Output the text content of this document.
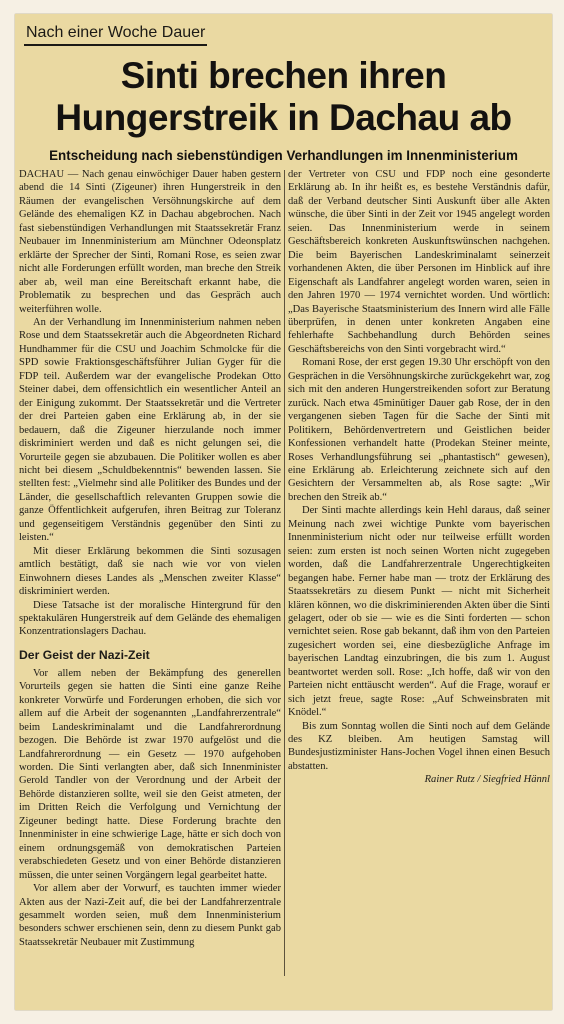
Nach einer Woche Dauer
Sinti brechen ihren
Hungerstreik in Dachau ab
Entscheidung nach siebenstündigen Verhandlungen im Innenministerium

DACHAU — Nach genau einwöchiger Dauer haben gestern abend die 14 Sinti (Zigeuner) ihren Hungerstreik in den Räumen der evangelischen Versöhnungskirche auf dem Gelände des ehemaligen KZ in Dachau abgebrochen. Nach fast siebenstündigen Verhandlungen mit Staatssekretär Franz Neubauer im Innenministerium am Münchner Odeonsplatz erklärte der Sprecher der Sinti, Romani Rose, es seien zwar nicht alle Forderungen erfüllt worden, man breche den Streik aber ab, weil man eine Bereitschaft erkannt habe, die Problematik zu besprechen und das Gespräch auch weiterführen wolle.

An der Verhandlung im Innenministerium nahmen neben Rose und dem Staatssekretär auch die Abgeordneten Richard Hundhammer für die CSU und Joachim Schmolcke für die SPD sowie Fraktionsgeschäftsführer Julian Gyger für die FDP teil. Außerdem war der evangelische Prodekan Otto Steiner dabei, dem offensichtlich ein wesentlicher Anteil an der Einigung zukommt. Der Staatssekretär und die Vertreter der drei Parteien gaben eine Erklärung ab, in der sie bedauern, daß die Zigeuner hierzulande noch immer diskriminiert werden und daß es nicht gelungen sei, die Vorurteile gegen sie abzubauen. Die Politiker wollen es aber nicht bei diesem „Schuldbekenntnis“ bewenden lassen. Sie stellten fest: „Vielmehr sind alle Politiker des Bundes und der Länder, die gesellschaftlich relevanten Gruppen sowie die ganze Öffentlichkeit aufgerufen, ihren Beitrag zur Toleranz und gegenseitigem Verständnis gegenüber den Sinti zu leisten.“

Mit dieser Erklärung bekommen die Sinti sozusagen amtlich bestätigt, daß sie nach wie vor von vielen Einwohnern dieses Landes als „Menschen zweiter Klasse“ diskriminiert werden.

Diese Tatsache ist der moralische Hintergrund für den spektakulären Hungerstreik auf dem Gelände des ehemaligen Konzentrationslagers Dachau.

Der Geist der Nazi-Zeit

Vor allem neben der Bekämpfung des generellen Vorurteils gegen sie hatten die Sinti eine ganze Reihe konkreter Vorwürfe und Forderungen erhoben, die sich vor allem auf die Arbeit der sogenannten „Landfahrerzentrale“ beim Landeskriminalamt und die Landfahrerordnung bezogen. Die Behörde ist zwar 1970 aufgelöst und die Landfahrerordnung — ein Gesetz — 1970 aufgehoben worden. Die Sinti verlangten aber, daß sich Innenminister Gerold Tandler von der Verordnung und der Arbeit der Behörde distanzieren sollte, weil sie den Geist atmeten, der im Dritten Reich die Verfolgung und Vernichtung der Zigeuner bedingt hatte. Diese Forderung brachte den Innenminister in eine schwierige Lage, hätte er sich doch von einem ordnungsgemäß von demokratischen Parteien verabschiedeten Gesetz und von einer Behörde distanzieren müssen, die unter seinen Vorgängern legal gearbeitet hatte.

Vor allem aber der Vorwurf, es tauchten immer wieder Akten aus der Nazi-Zeit auf, die bei der Landfahrerzentrale gesammelt worden seien, muß dem Innenministerium besonders schwer erschienen sein, denn zu diesem Punkt gab Staatssekretär Neubauer mit Zustimmung

der Vertreter von CSU und FDP noch eine gesonderte Erklärung ab. In ihr heißt es, es bestehe Verständnis dafür, daß der Verband deutscher Sinti Auskunft über alle Akten wünsche, die über Sinti in der Zeit vor 1945 angelegt worden seien. Das Innenministerium werde in seinem Geschäftsbereich konkreten Auskunftswünschen nachgehen. Die beim Bayerischen Landeskriminalamt seinerzeit vorhandenen Akten, die über Personen im Hinblick auf ihre Eigenschaft als Landfahrer angelegt worden waren, seien in den Jahren 1970 — 1974 vernichtet worden. Und wörtlich: „Das Bayerische Staatsministerium des Innern wird alle Fälle überprüfen, in denen unter konkreten Angaben eine fehlerhafte Sachbehandlung durch Behörden seines Geschäftsbereichs von den Sinti vorgebracht wird.“

Romani Rose, der erst gegen 19.30 Uhr erschöpft von den Gesprächen in die Versöhnungskirche zurückgekehrt war, zog sich mit den anderen Hungerstreikenden sofort zur Beratung zurück. Nach etwa 45minütiger Dauer gab Rose, der in den vergangenen sieben Tagen für die Sache der Sinti mit Politikern, Behördenvertretern und Geistlichen beider Konfessionen verhandelt hatte (Prodekan Steiner meinte, Roses Verhandlungsführung sei „phantastisch“ gewesen), eine Erklärung ab. Erleichterung zeichnete sich auf den Gesichtern der Versammelten ab, als Rose sagte: „Wir brechen den Streik ab.“

Der Sinti machte allerdings kein Hehl daraus, daß seiner Meinung nach zwei wichtige Punkte vom bayerischen Innenministerium nicht oder nur teilweise erfüllt worden seien: zum ersten ist noch seinen Worten nicht zugegeben worden, daß die Landfahrerzentrale Ungerechtigkeiten begangen habe. Ferner habe man — trotz der Erklärung des Staatssekretärs zu diesem Punkt — nicht mit Sicherheit klären können, wo die diskriminierenden Akten über die Sinti gelagert, oder ob sie — wie es die Sinti forderten — schon vernichtet seien. Rose gab bekannt, daß ihm von den Parteien zugesichert worden sei, eine diesbezügliche Anfrage im bayerischen Landtag einzubringen, die bis zum 1. August beantwortet werden soll. Rose: „Ich hoffe, daß wir von den Parteien nicht enttäuscht werden“. Auf die Frage, worauf er sich jetzt freue, sagte Rose: „Auf Schweinsbraten mit Knödel.“

Bis zum Sonntag wollen die Sinti noch auf dem Gelände des KZ bleiben. Am heutigen Samstag will Bundesjustizminister Hans-Jochen Vogel ihnen einen Besuch abstatten.

Rainer Rutz / Siegfried Hännl
